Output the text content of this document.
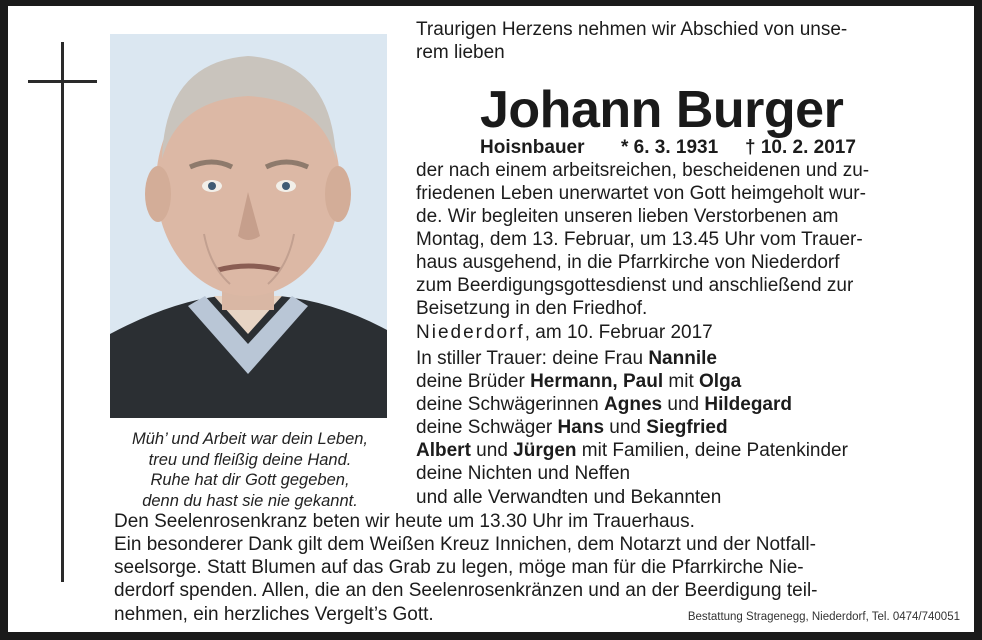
Müh’ und Arbeit war dein Leben,
treu und fleißig deine Hand.
Ruhe hat dir Gott gegeben,
denn du hast sie nie gekannt.
Traurigen Herzens nehmen wir Abschied von unse-
rem lieben
Johann Burger
Hoisnbauer * 6. 3. 1931 † 10. 2. 2017
der nach einem arbeitsreichen, bescheidenen und zu-
friedenen Leben unerwartet von Gott heimgeholt wur-
de. Wir begleiten unseren lieben Verstorbenen am
Montag, dem 13. Februar, um 13.45 Uhr vom Trauer-
haus ausgehend, in die Pfarrkirche von Niederdorf
zum Beerdigungsgottesdienst und anschließend zur
Beisetzung in den Friedhof.
Niederdorf, am 10. Februar 2017
In stiller Trauer: deine Frau Nannile
deine Brüder Hermann, Paul mit Olga
deine Schwägerinnen Agnes und Hildegard
deine Schwäger Hans und Siegfried
Albert und Jürgen mit Familien, deine Patenkinder
deine Nichten und Neffen
und alle Verwandten und Bekannten
Den Seelenrosenkranz beten wir heute um 13.30 Uhr im Trauerhaus.
Ein besonderer Dank gilt dem Weißen Kreuz Innichen, dem Notarzt und der Notfall-
seelsorge. Statt Blumen auf das Grab zu legen, möge man für die Pfarrkirche Nie-
derdorf spenden. Allen, die an den Seelenrosenkränzen und an der Beerdigung teil-
nehmen, ein herzliches Vergelt’s Gott.	Bestattung Stragenegg, Niederdorf, Tel. 0474/740051
